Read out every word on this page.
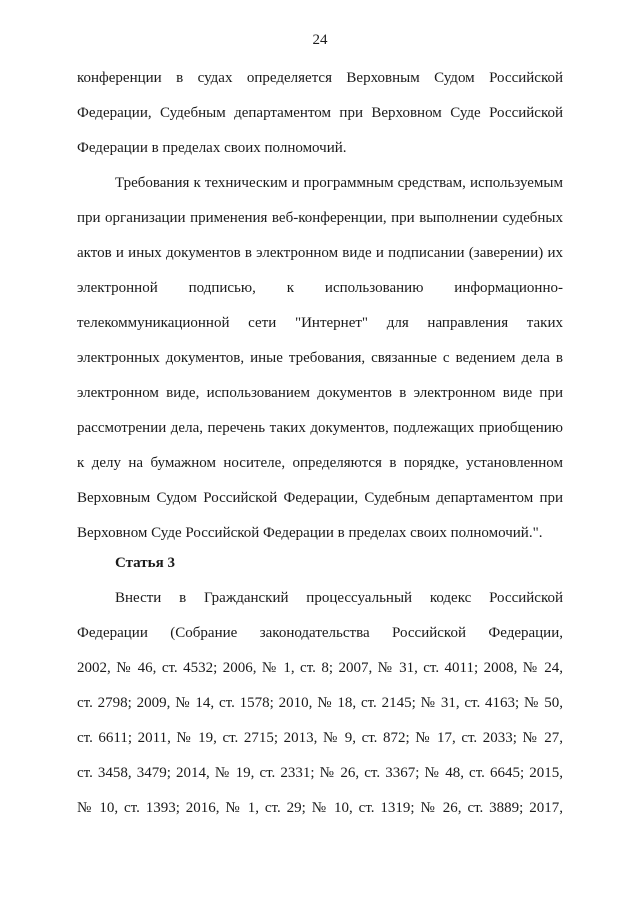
24
конференции в судах определяется Верховным Судом Российской
Федерации, Судебным департаментом при Верховном Суде Российской
Федерации в пределах своих полномочий.
Требования к техническим и программным средствам, используемым
при организации применения веб-конференции, при выполнении судебных
актов и иных документов в электронном виде и подписании (заверении) их
электронной подписью, к использованию информационно-
телекоммуникационной сети "Интернет" для направления таких
электронных документов, иные требования, связанные с ведением дела в
электронном виде, использованием документов в электронном виде при
рассмотрении дела, перечень таких документов, подлежащих приобщению
к делу на бумажном носителе, определяются в порядке, установленном
Верховным Судом Российской Федерации, Судебным департаментом при
Верховном Суде Российской Федерации в пределах своих полномочий.".
Статья 3
Внести в Гражданский процессуальный кодекс Российской
Федерации (Собрание законодательства Российской Федерации,
2002, № 46, ст. 4532; 2006, № 1, ст. 8; 2007, № 31, ст. 4011; 2008, № 24,
ст. 2798; 2009, № 14, ст. 1578; 2010, № 18, ст. 2145; № 31, ст. 4163; № 50,
ст. 6611; 2011, № 19, ст. 2715; 2013, № 9, ст. 872; № 17, ст. 2033; № 27,
ст. 3458, 3479; 2014, № 19, ст. 2331; № 26, ст. 3367; № 48, ст. 6645; 2015,
№ 10, ст. 1393; 2016, № 1, ст. 29; № 10, ст. 1319; № 26, ст. 3889; 2017,
